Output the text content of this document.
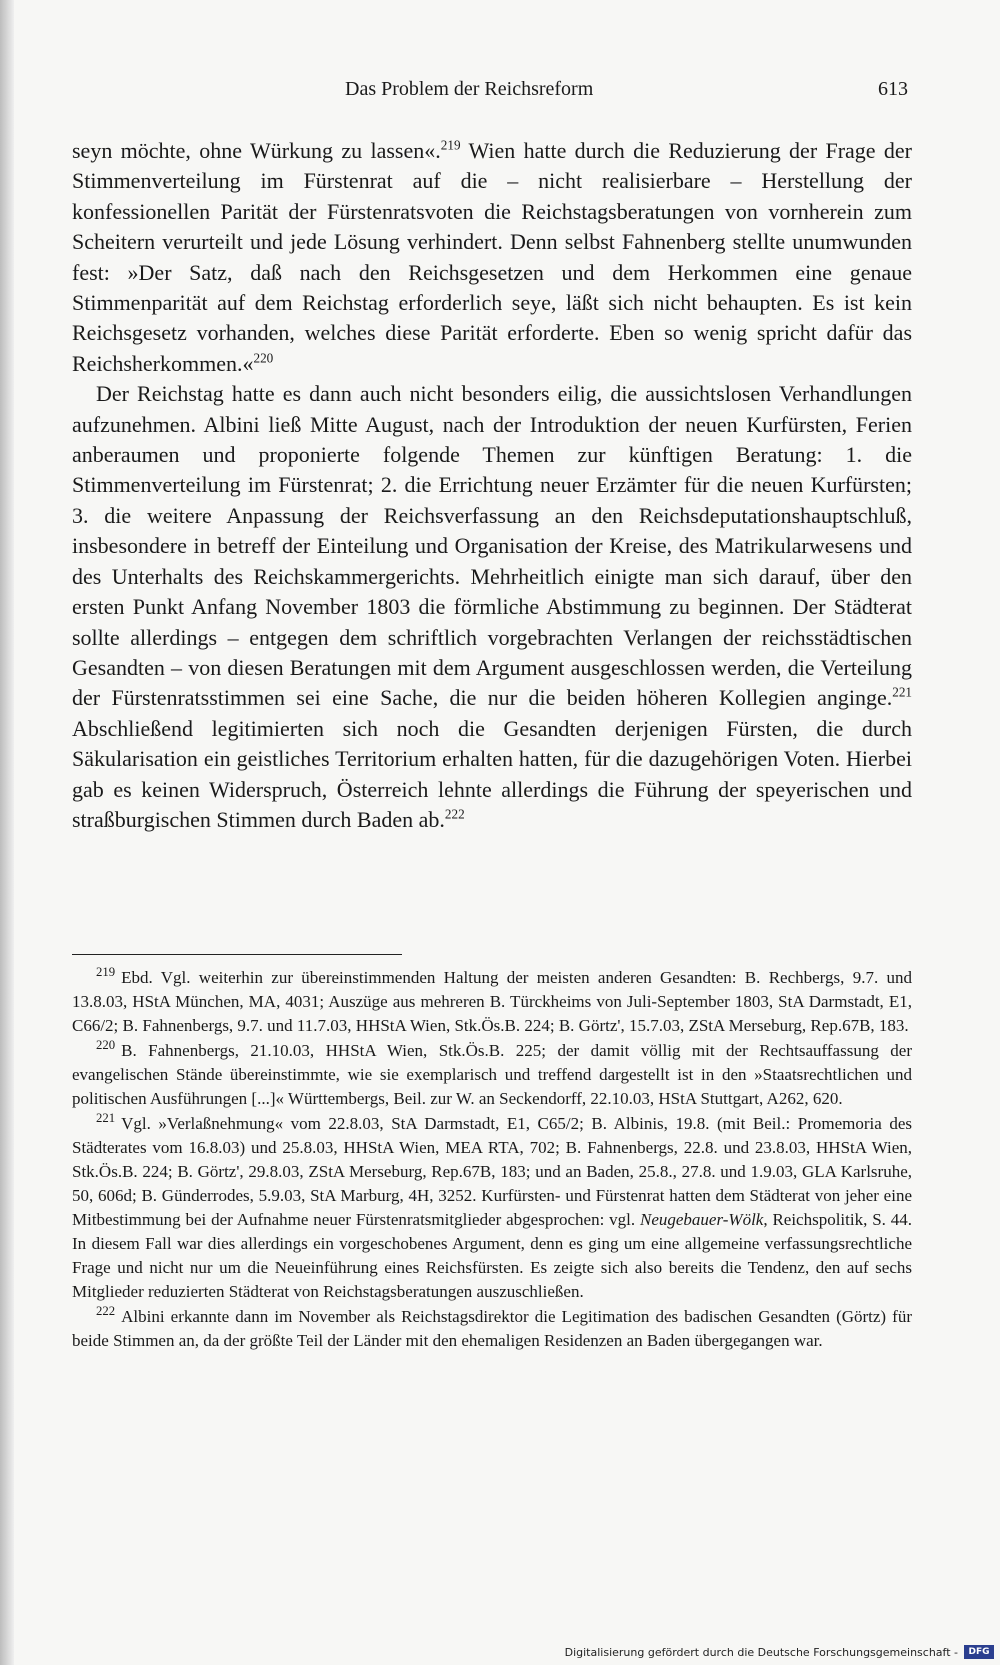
Das Problem der Reichsreform	613

seyn möchte, ohne Würkung zu lassen«.$^{219}$ Wien hatte durch die Reduzierung der Frage der Stimmenverteilung im Fürstenrat auf die – nicht realisierbare – Herstellung der konfessionellen Parität der Fürstenratsvoten die Reichstagsberatungen von vornherein zum Scheitern verurteilt und jede Lösung verhindert. Denn selbst Fahnenberg stellte unumwunden fest: »Der Satz, daß nach den Reichsgesetzen und dem Herkommen eine genaue Stimmenparität auf dem Reichstag erforderlich seye, läßt sich nicht behaupten. Es ist kein Reichsgesetz vorhanden, welches diese Parität erforderte. Eben so wenig spricht dafür das Reichsherkommen.«$^{220}$

Der Reichstag hatte es dann auch nicht besonders eilig, die aussichtslosen Verhandlungen aufzunehmen. Albini ließ Mitte August, nach der Introduktion der neuen Kurfürsten, Ferien anberaumen und proponierte folgende Themen zur künftigen Beratung: 1. die Stimmenverteilung im Fürstenrat; 2. die Errichtung neuer Erzämter für die neuen Kurfürsten; 3. die weitere Anpassung der Reichsverfassung an den Reichsdeputationshauptschluß, insbesondere in betreff der Einteilung und Organisation der Kreise, des Matrikularwesens und des Unterhalts des Reichskammergerichts. Mehrheitlich einigte man sich darauf, über den ersten Punkt Anfang November 1803 die förmliche Abstimmung zu beginnen. Der Städterat sollte allerdings – entgegen dem schriftlich vorgebrachten Verlangen der reichsstädtischen Gesandten – von diesen Beratungen mit dem Argument ausgeschlossen werden, die Verteilung der Fürstenratsstimmen sei eine Sache, die nur die beiden höheren Kollegien anginge.$^{221}$ Abschließend legitimierten sich noch die Gesandten derjenigen Fürsten, die durch Säkularisation ein geistliches Territorium erhalten hatten, für die dazugehörigen Voten. Hierbei gab es keinen Widerspruch, Österreich lehnte allerdings die Führung der speyerischen und straßburgischen Stimmen durch Baden ab.$^{222}$

$^{219}$ Ebd. Vgl. weiterhin zur übereinstimmenden Haltung der meisten anderen Gesandten: B. Rechbergs, 9.7. und 13.8.03, HStA München, MA, 4031; Auszüge aus mehreren B. Türckheims von Juli-September 1803, StA Darmstadt, E1, C66/2; B. Fahnenbergs, 9.7. und 11.7.03, HHStA Wien, Stk.Ös.B. 224; B. Görtz', 15.7.03, ZStA Merseburg, Rep.67B, 183.

$^{220}$ B. Fahnenbergs, 21.10.03, HHStA Wien, Stk.Ös.B. 225; der damit völlig mit der Rechtsauffassung der evangelischen Stände übereinstimmte, wie sie exemplarisch und treffend dargestellt ist in den »Staatsrechtlichen und politischen Ausführungen [...]« Württembergs, Beil. zur W. an Seckendorff, 22.10.03, HStA Stuttgart, A262, 620.

$^{221}$ Vgl. »Verlaßnehmung« vom 22.8.03, StA Darmstadt, E1, C65/2; B. Albinis, 19.8. (mit Beil.: Promemoria des Städterates vom 16.8.03) und 25.8.03, HHStA Wien, MEA RTA, 702; B. Fahnenbergs, 22.8. und 23.8.03, HHStA Wien, Stk.Ös.B. 224; B. Görtz', 29.8.03, ZStA Merseburg, Rep.67B, 183; und an Baden, 25.8., 27.8. und 1.9.03, GLA Karlsruhe, 50, 606d; B. Günderrodes, 5.9.03, StA Marburg, 4H, 3252. Kurfürsten- und Fürstenrat hatten dem Städterat von jeher eine Mitbestimmung bei der Aufnahme neuer Fürstenratsmitglieder abgesprochen: vgl. Neugebauer-Wölk, Reichspolitik, S. 44. In diesem Fall war dies allerdings ein vorgeschobenes Argument, denn es ging um eine allgemeine verfassungsrechtliche Frage und nicht nur um die Neueinführung eines Reichsfürsten. Es zeigte sich also bereits die Tendenz, den auf sechs Mitglieder reduzierten Städterat von Reichstagsberatungen auszuschließen.

$^{222}$ Albini erkannte dann im November als Reichstagsdirektor die Legitimation des badischen Gesandten (Görtz) für beide Stimmen an, da der größte Teil der Länder mit den ehemaligen Residenzen an Baden übergegangen war.

Digitalisierung gefördert durch die Deutsche Forschungsgemeinschaft -	DFG
